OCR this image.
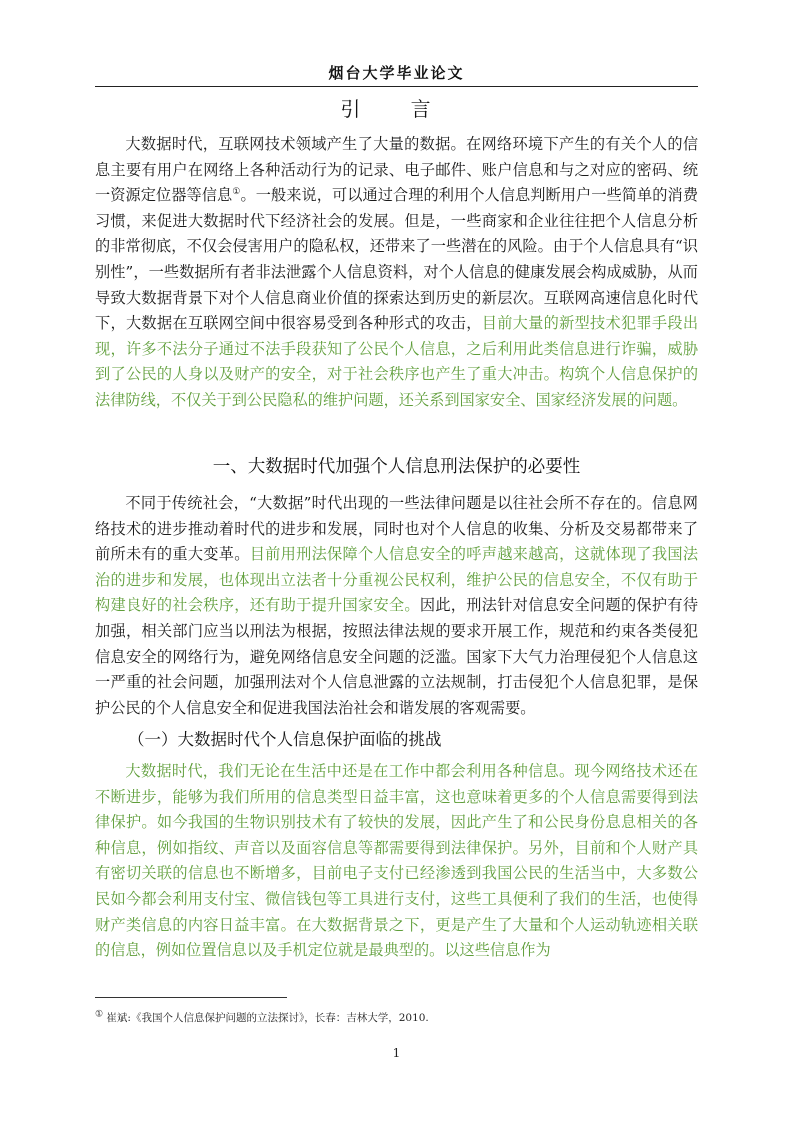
烟台大学毕业论文
引 言

大数据时代，互联网技术领域产生了大量的数据。在网络环境下产生的有关个人的信息主要有用户在网络上各种活动行为的记录、电子邮件、账户信息和与之对应的密码、统一资源定位器等信息①。一般来说，可以通过合理的利用个人信息判断用户一些简单的消费习惯，来促进大数据时代下经济社会的发展。但是，一些商家和企业往往把个人信息分析的非常彻底，不仅会侵害用户的隐私权，还带来了一些潜在的风险。由于个人信息具有“识别性”，一些数据所有者非法泄露个人信息资料，对个人信息的健康发展会构成威胁，从而导致大数据背景下对个人信息商业价值的探索达到历史的新层次。互联网高速信息化时代下，大数据在互联网空间中很容易受到各种形式的攻击，目前大量的新型技术犯罪手段出现，许多不法分子通过不法手段获知了公民个人信息，之后利用此类信息进行诈骗，威胁到了公民的人身以及财产的安全，对于社会秩序也产生了重大冲击。构筑个人信息保护的法律防线，不仅关于到公民隐私的维护问题，还关系到国家安全、国家经济发展的问题。

一、大数据时代加强个人信息刑法保护的必要性

不同于传统社会，“大数据”时代出现的一些法律问题是以往社会所不存在的。信息网络技术的进步推动着时代的进步和发展，同时也对个人信息的收集、分析及交易都带来了前所未有的重大变革。目前用刑法保障个人信息安全的呼声越来越高，这就体现了我国法治的进步和发展，也体现出立法者十分重视公民权利，维护公民的信息安全，不仅有助于构建良好的社会秩序，还有助于提升国家安全。因此，刑法针对信息安全问题的保护有待加强，相关部门应当以刑法为根据，按照法律法规的要求开展工作，规范和约束各类侵犯信息安全的网络行为，避免网络信息安全问题的泛滥。国家下大气力治理侵犯个人信息这一严重的社会问题，加强刑法对个人信息泄露的立法规制，打击侵犯个人信息犯罪，是保护公民的个人信息安全和促进我国法治社会和谐发展的客观需要。

（一）大数据时代个人信息保护面临的挑战

大数据时代，我们无论在生活中还是在工作中都会利用各种信息。现今网络技术还在不断进步，能够为我们所用的信息类型日益丰富，这也意味着更多的个人信息需要得到法律保护。如今我国的生物识别技术有了较快的发展，因此产生了和公民身份息息相关的各种信息，例如指纹、声音以及面容信息等都需要得到法律保护。另外，目前和个人财产具有密切关联的信息也不断增多，目前电子支付已经渗透到我国公民的生活当中，大多数公民如今都会利用支付宝、微信钱包等工具进行支付，这些工具便利了我们的生活，也使得财产类信息的内容日益丰富。在大数据背景之下，更是产生了大量和个人运动轨迹相关联的信息，例如位置信息以及手机定位就是最典型的。以这些信息作为

① 崔斌:《我国个人信息保护问题的立法探讨》，长春：吉林大学，2010.
1
